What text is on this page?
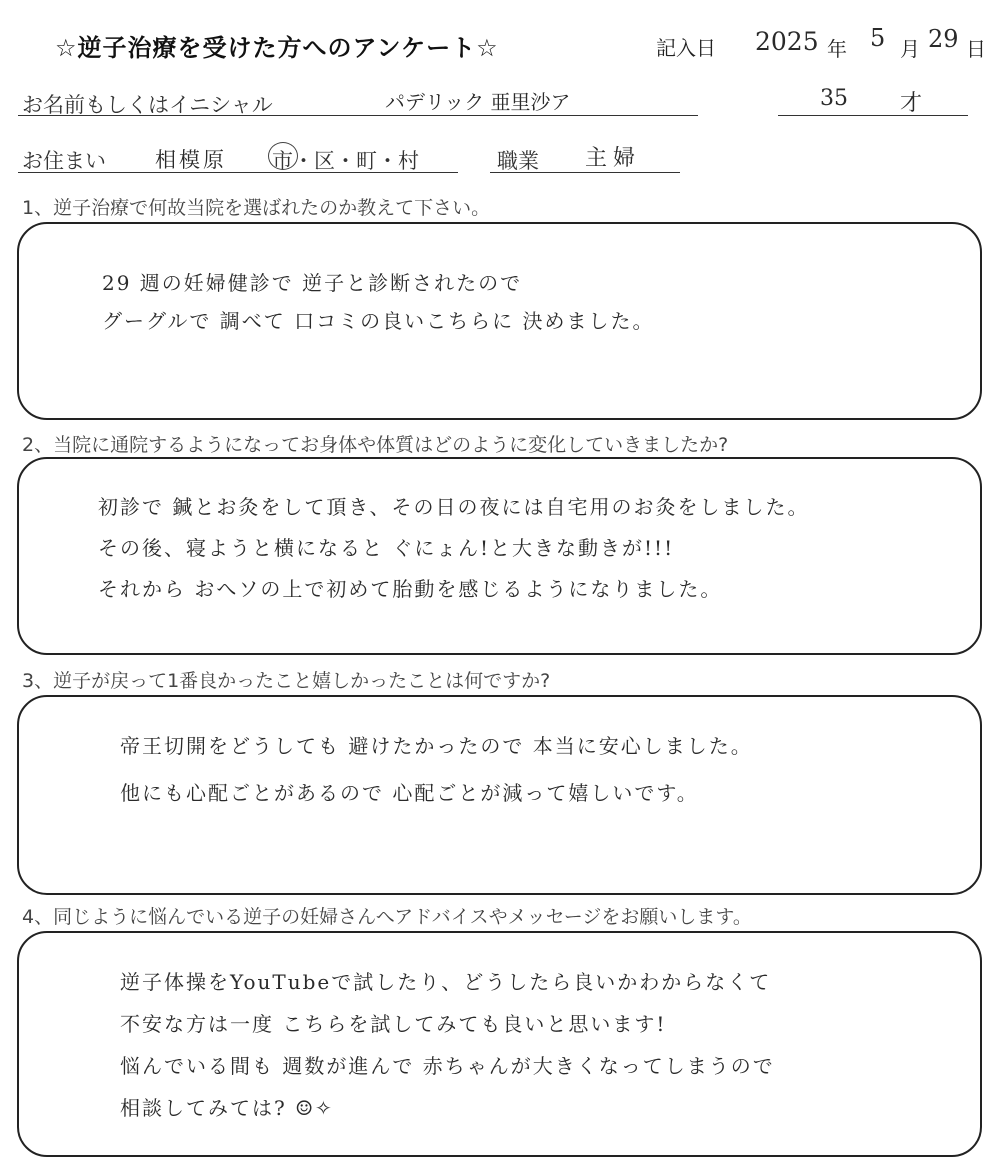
☆逆子治療を受けた方へのアンケート☆	記入日 2025 年 5 月 29 日
お名前もしくはイニシャル	パデリック 亜里沙ア	35 才
お住まい 相模原 市・区・町・村	職業 主婦
1、逆子治療で何故当院を選ばれたのか教えて下さい。
29 週の妊婦健診で 逆子と診断されたので
グーグルで 調べて 口コミの良いこちらに 決めました。
2、当院に通院するようになってお身体や体質はどのように変化していきましたか?
初診で 鍼とお灸をして頂き、その日の夜には自宅用のお灸をしました。
その後、寝ようと横になると ぐにょん!と大きな動きが!!!
それから おへソの上で初めて胎動を感じるようになりました。
3、逆子が戻って1番良かったこと嬉しかったことは何ですか?
帝王切開をどうしても 避けたかったので 本当に安心しました。
他にも心配ごとがあるので 心配ごとが減って嬉しいです。
4、同じように悩んでいる逆子の妊婦さんへアドバイスやメッセージをお願いします。
逆子体操をYouTubeで試したり、どうしたら良いかわからなくて
不安な方は一度 こちらを試してみても良いと思います!
悩んでいる間も 週数が進んで 赤ちゃんが大きくなってしまうので
相談してみては? ☺✧
